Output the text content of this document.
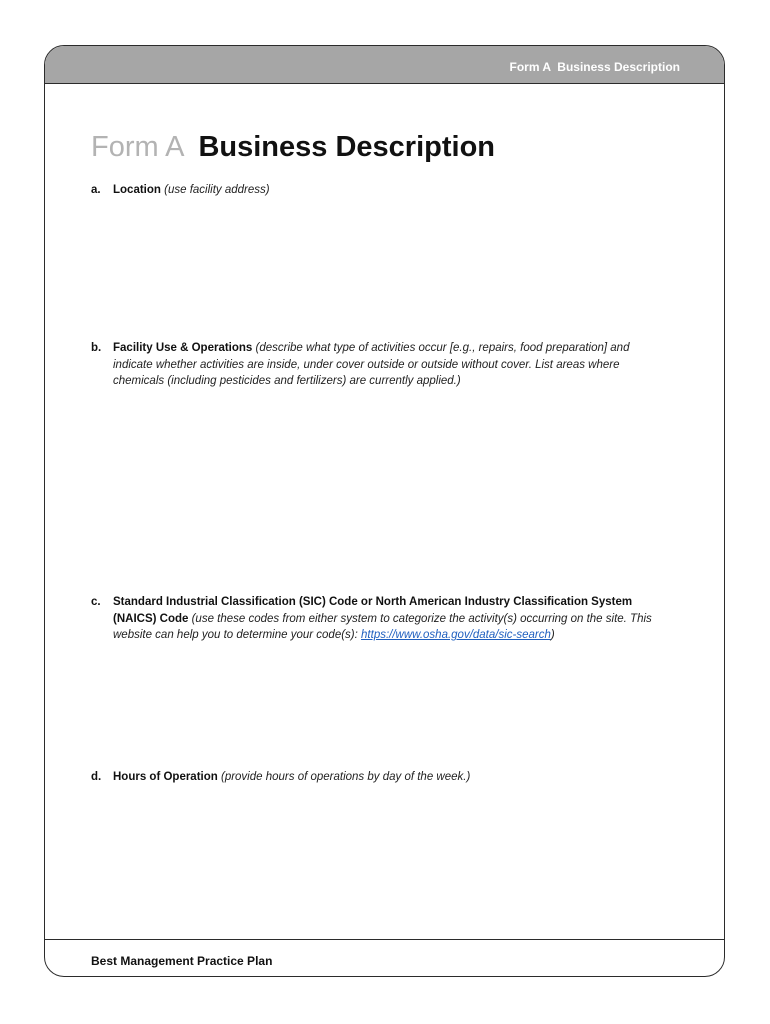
Form A  Business Description
Form A Business Description
a. Location (use facility address)
b. Facility Use & Operations (describe what type of activities occur [e.g., repairs, food preparation] and indicate whether activities are inside, under cover outside or outside without cover. List areas where chemicals (including pesticides and fertilizers) are currently applied.)
c. Standard Industrial Classification (SIC) Code or North American Industry Classification System (NAICS) Code (use these codes from either system to categorize the activity(s) occurring on the site. This website can help you to determine your code(s): https://www.osha.gov/data/sic-search)
d. Hours of Operation (provide hours of operations by day of the week.)
Best Management Practice Plan
